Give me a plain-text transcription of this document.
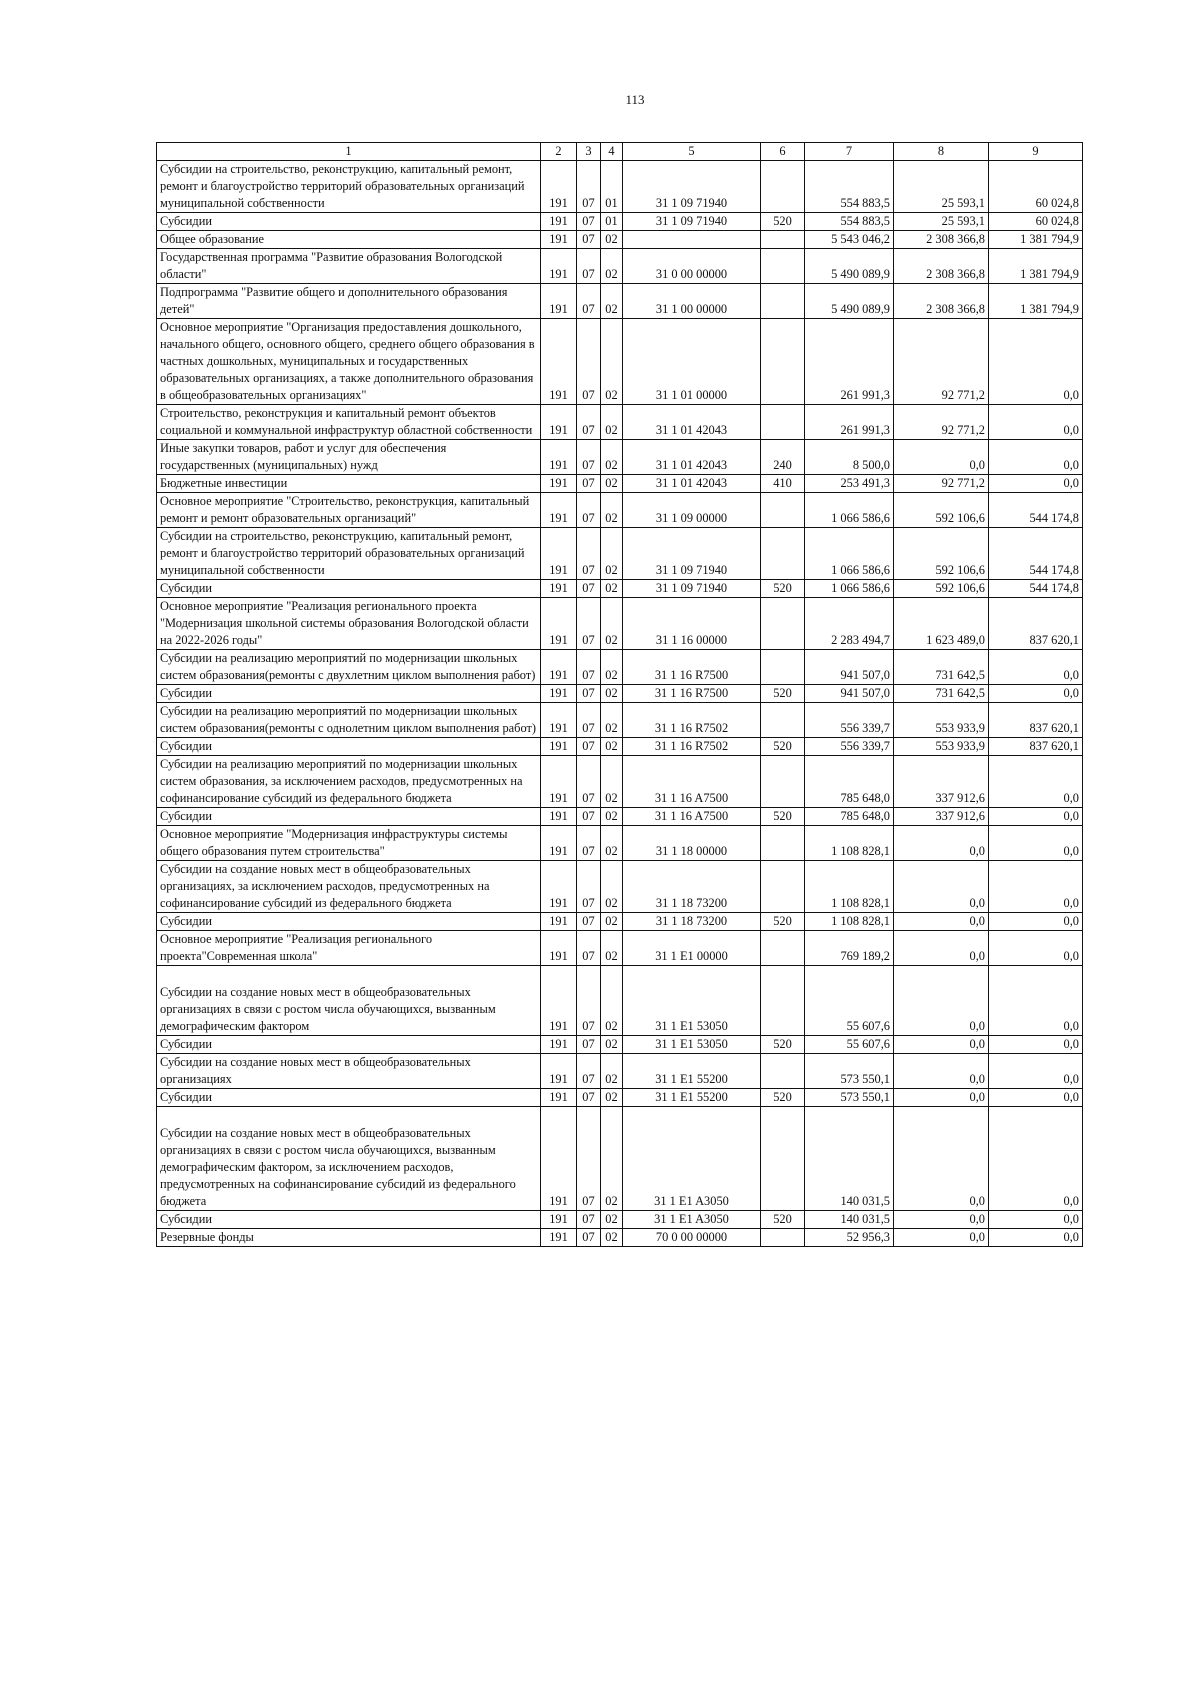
113
1	2	3	4	5	6	7	8	9
Субсидии на строительство, реконструкцию, капитальный ремонт, ремонт и благоустройство территорий образовательных организаций муниципальной собственности	191	07	01	31 1 09 71940		554 883,5	25 593,1	60 024,8
Субсидии	191	07	01	31 1 09 71940	520	554 883,5	25 593,1	60 024,8
Общее образование	191	07	02			5 543 046,2	2 308 366,8	1 381 794,9
Государственная программа "Развитие образования Вологодской области"	191	07	02	31 0 00 00000		5 490 089,9	2 308 366,8	1 381 794,9
Подпрограмма "Развитие общего и дополнительного образования детей"	191	07	02	31 1 00 00000		5 490 089,9	2 308 366,8	1 381 794,9
Основное мероприятие "Организация предоставления дошкольного, начального общего, основного общего, среднего общего образования в частных дошкольных, муниципальных и государственных образовательных организациях, а также дополнительного образования в общеобразовательных организациях"	191	07	02	31 1 01 00000		261 991,3	92 771,2	0,0
Строительство, реконструкция и капитальный ремонт объектов социальной и коммунальной инфраструктур областной собственности	191	07	02	31 1 01 42043		261 991,3	92 771,2	0,0
Иные закупки товаров, работ и услуг для обеспечения государственных (муниципальных) нужд	191	07	02	31 1 01 42043	240	8 500,0	0,0	0,0
Бюджетные инвестиции	191	07	02	31 1 01 42043	410	253 491,3	92 771,2	0,0
Основное мероприятие "Строительство, реконструкция, капитальный ремонт и ремонт образовательных организаций"	191	07	02	31 1 09 00000		1 066 586,6	592 106,6	544 174,8
Субсидии на строительство, реконструкцию, капитальный ремонт, ремонт и благоустройство территорий образовательных организаций муниципальной собственности	191	07	02	31 1 09 71940		1 066 586,6	592 106,6	544 174,8
Субсидии	191	07	02	31 1 09 71940	520	1 066 586,6	592 106,6	544 174,8
Основное мероприятие "Реализация регионального проекта "Модернизация школьной системы образования Вологодской области на 2022-2026 годы"	191	07	02	31 1 16 00000		2 283 494,7	1 623 489,0	837 620,1
Субсидии на реализацию мероприятий по модернизации школьных систем образования(ремонты с двухлетним циклом выполнения работ)	191	07	02	31 1 16 R7500		941 507,0	731 642,5	0,0
Субсидии	191	07	02	31 1 16 R7500	520	941 507,0	731 642,5	0,0
Субсидии на реализацию мероприятий по модернизации школьных систем образования(ремонты с однолетним циклом выполнения работ)	191	07	02	31 1 16 R7502		556 339,7	553 933,9	837 620,1
Субсидии	191	07	02	31 1 16 R7502	520	556 339,7	553 933,9	837 620,1
Субсидии на реализацию мероприятий по модернизации школьных систем образования, за исключением расходов, предусмотренных на софинансирование субсидий из федерального бюджета	191	07	02	31 1 16 A7500		785 648,0	337 912,6	0,0
Субсидии	191	07	02	31 1 16 A7500	520	785 648,0	337 912,6	0,0
Основное мероприятие "Модернизация инфраструктуры системы общего образования путем строительства"	191	07	02	31 1 18 00000		1 108 828,1	0,0	0,0
Субсидии на создание новых мест в общеобразовательных организациях, за исключением расходов, предусмотренных на софинансирование субсидий из федерального бюджета	191	07	02	31 1 18 73200		1 108 828,1	0,0	0,0
Субсидии	191	07	02	31 1 18 73200	520	1 108 828,1	0,0	0,0
Основное мероприятие "Реализация регионального проекта"Современная школа"	191	07	02	31 1 E1 00000		769 189,2	0,0	0,0
Субсидии на создание новых мест в общеобразовательных организациях в связи с ростом числа обучающихся, вызванным демографическим фактором	191	07	02	31 1 E1 53050		55 607,6	0,0	0,0
Субсидии	191	07	02	31 1 E1 53050	520	55 607,6	0,0	0,0
Субсидии на создание новых мест в общеобразовательных организациях	191	07	02	31 1 E1 55200		573 550,1	0,0	0,0
Субсидии	191	07	02	31 1 E1 55200	520	573 550,1	0,0	0,0
Субсидии на создание новых мест в общеобразовательных организациях в связи с ростом числа обучающихся, вызванным демографическим фактором, за исключением расходов, предусмотренных на софинансирование субсидий из федерального бюджета	191	07	02	31 1 E1 A3050		140 031,5	0,0	0,0
Субсидии	191	07	02	31 1 E1 A3050	520	140 031,5	0,0	0,0
Резервные фонды	191	07	02	70 0 00 00000		52 956,3	0,0	0,0
